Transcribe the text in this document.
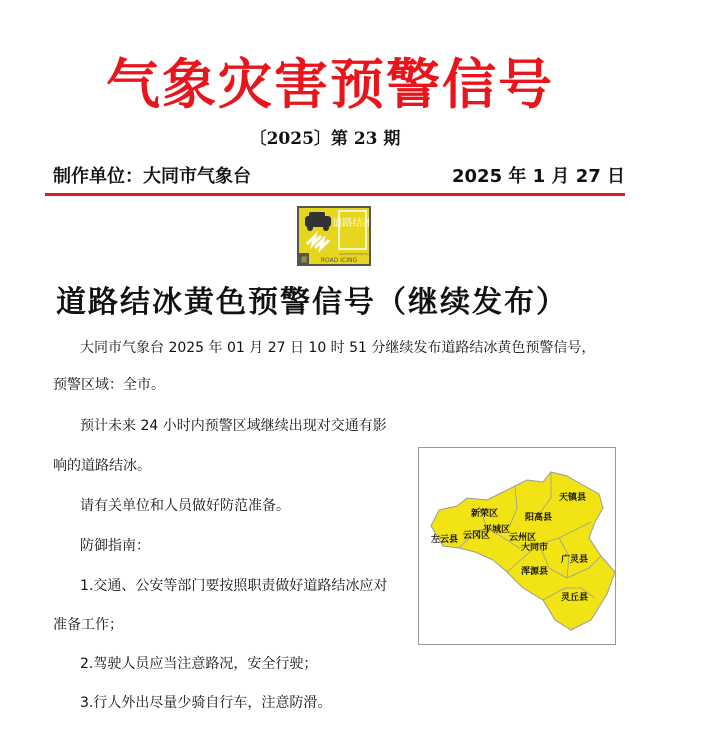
气象灾害预警信号
〔2025〕第 23 期
制作单位：大同市气象台	2025 年 1 月 27 日
道路结冰
黄 ROAD ICING
道路结冰黄色预警信号（继续发布）
大同市气象台 2025 年 01 月 27 日 10 时 51 分继续发布道路结冰黄色预警信号，
预警区域：全市。
预计未来 24 小时内预警区域继续出现对交通有影
响的道路结冰。
请有关单位和人员做好防范准备。
防御指南：
1.交通、公安等部门要按照职责做好道路结冰应对
准备工作；
2.驾驶人员应当注意路况，安全行驶；
3.行人外出尽量少骑自行车，注意防滑。
天镇县
新荣区	阳高县
平城区
左云县 云冈区 云州区
大同市
广灵县
浑源县
灵丘县
